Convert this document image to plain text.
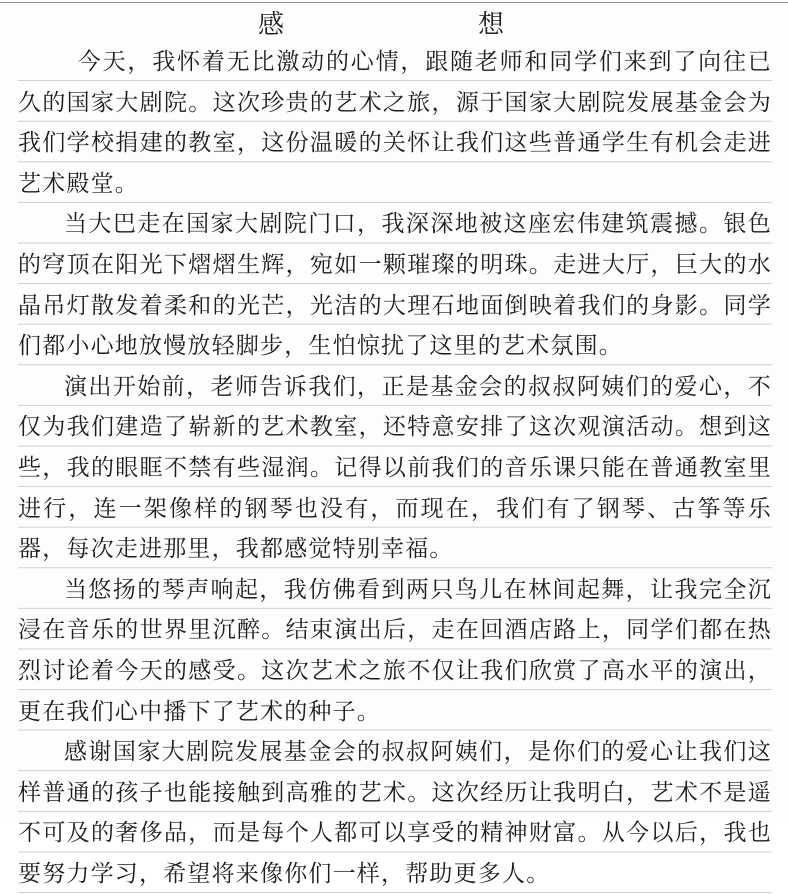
感	想

今天，我怀着无比激动的心情，跟随老师和同学们来到了向往已久的国家大剧院。这次珍贵的艺术之旅，源于国家大剧院发展基金会为我们学校捐建的教室，这份温暖的关怀让我们这些普通学生有机会走进艺术殿堂。

当大巴走在国家大剧院门口，我深深地被这座宏伟建筑震撼。银色的穹顶在阳光下熠熠生辉，宛如一颗璀璨的明珠。走进大厅，巨大的水晶吊灯散发着柔和的光芒，光洁的大理石地面倒映着我们的身影。同学们都小心地放慢放轻脚步，生怕惊扰了这里的艺术氛围。

演出开始前，老师告诉我们，正是基金会的叔叔阿姨们的爱心，不仅为我们建造了崭新的艺术教室，还特意安排了这次观演活动。想到这些，我的眼眶不禁有些湿润。记得以前我们的音乐课只能在普通教室里进行，连一架像样的钢琴也没有，而现在，我们有了钢琴、古筝等乐器，每次走进那里，我都感觉特别幸福。

当悠扬的琴声响起，我仿佛看到两只鸟儿在林间起舞，让我完全沉浸在音乐的世界里沉醉。结束演出后，走在回酒店路上，同学们都在热烈讨论着今天的感受。这次艺术之旅不仅让我们欣赏了高水平的演出，更在我们心中播下了艺术的种子。

感谢国家大剧院发展基金会的叔叔阿姨们，是你们的爱心让我们这样普通的孩子也能接触到高雅的艺术。这次经历让我明白，艺术不是遥不可及的奢侈品，而是每个人都可以享受的精神财富。从今以后，我也要努力学习，希望将来像你们一样，帮助更多人。
